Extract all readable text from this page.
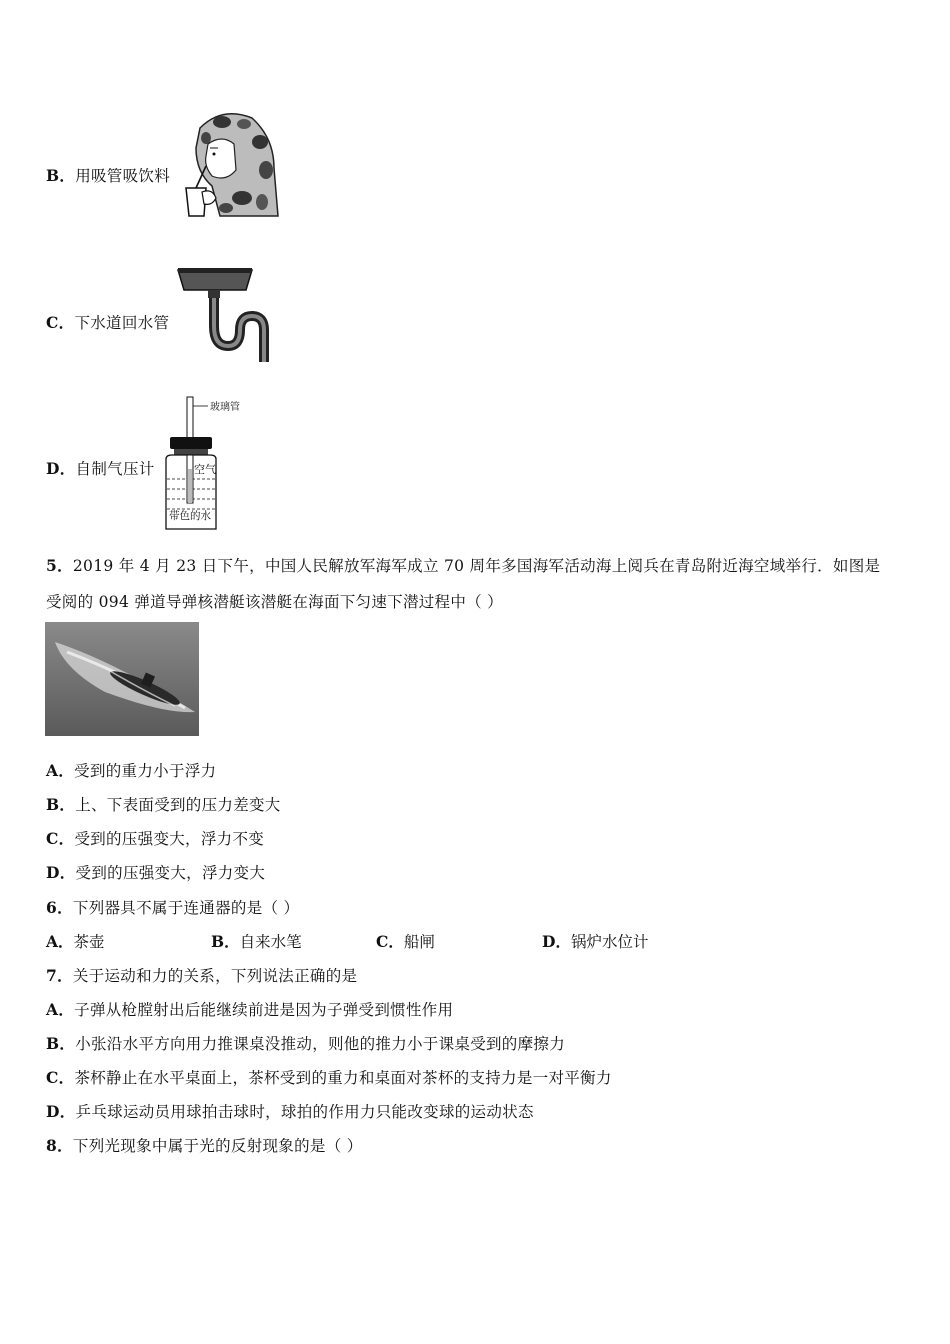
B．用吸管吸饮料
C．下水道回水管
D．自制气压计
玻璃管
空气
带色的水
5．2019 年 4 月 23 日下午，中国人民解放军海军成立 70 周年多国海军活动海上阅兵在青岛附近海空域举行．如图是
受阅的 094 弹道导弹核潜艇该潜艇在海面下匀速下潜过程中（ ）
A．受到的重力小于浮力
B．上、下表面受到的压力差变大
C．受到的压强变大，浮力不变
D．受到的压强变大，浮力变大
6．下列器具不属于连通器的是（ ）
A．茶壶	B．自来水笔	C．船闸	D．锅炉水位计
7．关于运动和力的关系，下列说法正确的是
A．子弹从枪膛射出后能继续前进是因为子弹受到惯性作用
B．小张沿水平方向用力推课桌没推动，则他的推力小于课桌受到的摩擦力
C．茶杯静止在水平桌面上，茶杯受到的重力和桌面对茶杯的支持力是一对平衡力
D．乒乓球运动员用球拍击球时，球拍的作用力只能改变球的运动状态
8．下列光现象中属于光的反射现象的是（ ）
